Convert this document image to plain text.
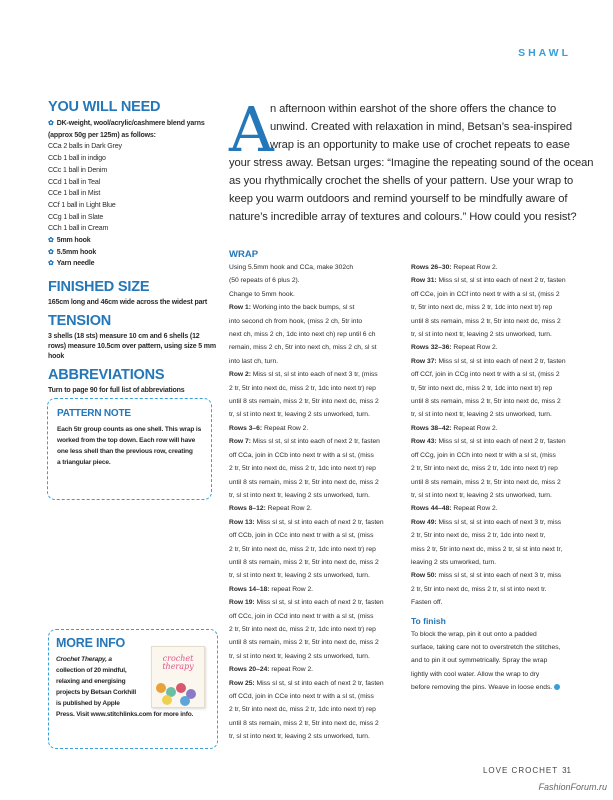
SHAWL
YOU WILL NEED
✿ DK-weight, wool/acrylic/cashmere blend yarns (approx 50g per 125m) as follows:
CCa 2 balls in Dark Grey
CCb 1 ball in indigo
CCc 1 ball in Denim
CCd 1 ball in Teal
CCe 1 ball in Mist
CCf 1 ball in Light Blue
CCg 1 ball in Slate
CCh 1 ball in Cream
✿ 5mm hook
✿ 5.5mm hook
✿ Yarn needle
FINISHED SIZE

165cm long and 46cm wide across the widest part

TENSION

3 shells (18 sts) measure 10 cm and 6 shells (12 rows) measure 10.5cm over pattern, using size 5 mm hook

ABBREVIATIONS

Turn to page 90 for full list of abbreviations

PATTERN NOTE

Each 5tr group counts as one shell. This wrap is

worked from the top down. Each row will have

one less shell than the previous row, creating

a triangular piece.

MORE INFO

Crochet Therapy, a

collection of 20 mindful,

relaxing and energising

projects by Betsan Corkhill

is published by Apple

Press. Visit www.stitchlinks.com for more info.

crochet therapy
A
n afternoon within earshot of the shore offers the chance to
unwind. Created with relaxation in mind, Betsan’s sea-inspired
wrap is an opportunity to make use of crochet repeats to ease
your stress away. Betsan urges: “Imagine the repeating sound of the ocean
as you rhythmically crochet the shells of your pattern. Use your wrap to
keep you warm outdoors and remind yourself to be mindfully aware of
nature’s incredible array of textures and colours.” How could you resist?
WRAP

Using 5.5mm hook and CCa, make 302ch

(50 repeats of 6 plus 2).

Change to 5mm hook.

Row 1: Working into the back bumps, sl st

into second ch from hook, (miss 2 ch, 5tr into

next ch, miss 2 ch, 1dc into next ch) rep until 6 ch

remain, miss 2 ch, 5tr into next ch, miss 2 ch, sl st

into last ch, turn.

Row 2: Miss sl st, sl st into each of next 3 tr, (miss

2 tr, 5tr into next dc, miss 2 tr, 1dc into next tr) rep

until 8 sts remain, miss 2 tr, 5tr into next dc, miss 2

tr, sl st into next tr, leaving 2 sts unworked, turn.

Rows 3–6: Repeat Row 2.

Row 7: Miss sl st, sl st into each of next 2 tr, fasten

off CCa, join in CCb into next tr with a sl st, (miss

2 tr, 5tr into next dc, miss 2 tr, 1dc into next tr) rep

until 8 sts remain, miss 2 tr, 5tr into next dc, miss 2

tr, sl st into next tr, leaving 2 sts unworked, turn.

Rows 8–12: Repeat Row 2.

Row 13: Miss sl st, sl st into each of next 2 tr, fasten

off CCb, join in CCc into next tr with a sl st, (miss

2 tr, 5tr into next dc, miss 2 tr, 1dc into next tr) rep

until 8 sts remain, miss 2 tr, 5tr into next dc, miss 2

tr, sl st into next tr, leaving 2 sts unworked, turn.

Rows 14–18: repeat Row 2.

Row 19: Miss sl st, sl st into each of next 2 tr, fasten

off CCc, join in CCd into next tr with a sl st, (miss

2 tr, 5tr into next dc, miss 2 tr, 1dc into next tr) rep

until 8 sts remain, miss 2 tr, 5tr into next dc, miss 2

tr, sl st into next tr, leaving 2 sts unworked, turn.

Rows 20–24: repeat Row 2.

Row 25: Miss sl st, sl st into each of next 2 tr, fasten

off CCd, join in CCe into next tr with a sl st, (miss

2 tr, 5tr into next dc, miss 2 tr, 1dc into next tr) rep

until 8 sts remain, miss 2 tr, 5tr into next dc, miss 2

tr, sl st into next tr, leaving 2 sts unworked, turn.

Rows 26–30: Repeat Row 2.

Row 31: Miss sl st, sl st into each of next 2 tr, fasten

off CCe, join in CCf into next tr with a sl st, (miss 2

tr, 5tr into next dc, miss 2 tr, 1dc into next tr) rep

until 8 sts remain, miss 2 tr, 5tr into next dc, miss 2

tr, sl st into next tr, leaving 2 sts unworked, turn.

Rows 32–36: Repeat Row 2.

Row 37: Miss sl st, sl st into each of next 2 tr, fasten

off CCf, join in CCg into next tr with a sl st, (miss 2

tr, 5tr into next dc, miss 2 tr, 1dc into next tr) rep

until 8 sts remain, miss 2 tr, 5tr into next dc, miss 2

tr, sl st into next tr, leaving 2 sts unworked, turn.

Rows 38–42: Repeat Row 2.

Row 43: Miss sl st, sl st into each of next 2 tr, fasten

off CCg, join in CCh into next tr with a sl st, (miss

2 tr, 5tr into next dc, miss 2 tr, 1dc into next tr) rep

until 8 sts remain, miss 2 tr, 5tr into next dc, miss 2

tr, sl st into next tr, leaving 2 sts unworked, turn.

Rows 44–48: Repeat Row 2.

Row 49: Miss sl st, sl st into each of next 3 tr, miss

2 tr, 5tr into next dc, miss 2 tr, 1dc into next tr,

miss 2 tr, 5tr into next dc, miss 2 tr, sl st into next tr,

leaving 2 sts unworked, turn.

Row 50: miss sl st, sl st into each of next 3 tr, miss

2 tr, 5tr into next dc, miss 2 tr, sl st into next tr.

Fasten off.

To finish

To block the wrap, pin it out onto a padded

surface, taking care not to overstretch the stitches,

and to pin it out symmetrically. Spray the wrap

lightly with cool water. Allow the wrap to dry

before removing the pins. Weave in loose ends.

LOVE CROCHET 31
FashionForum.ru
